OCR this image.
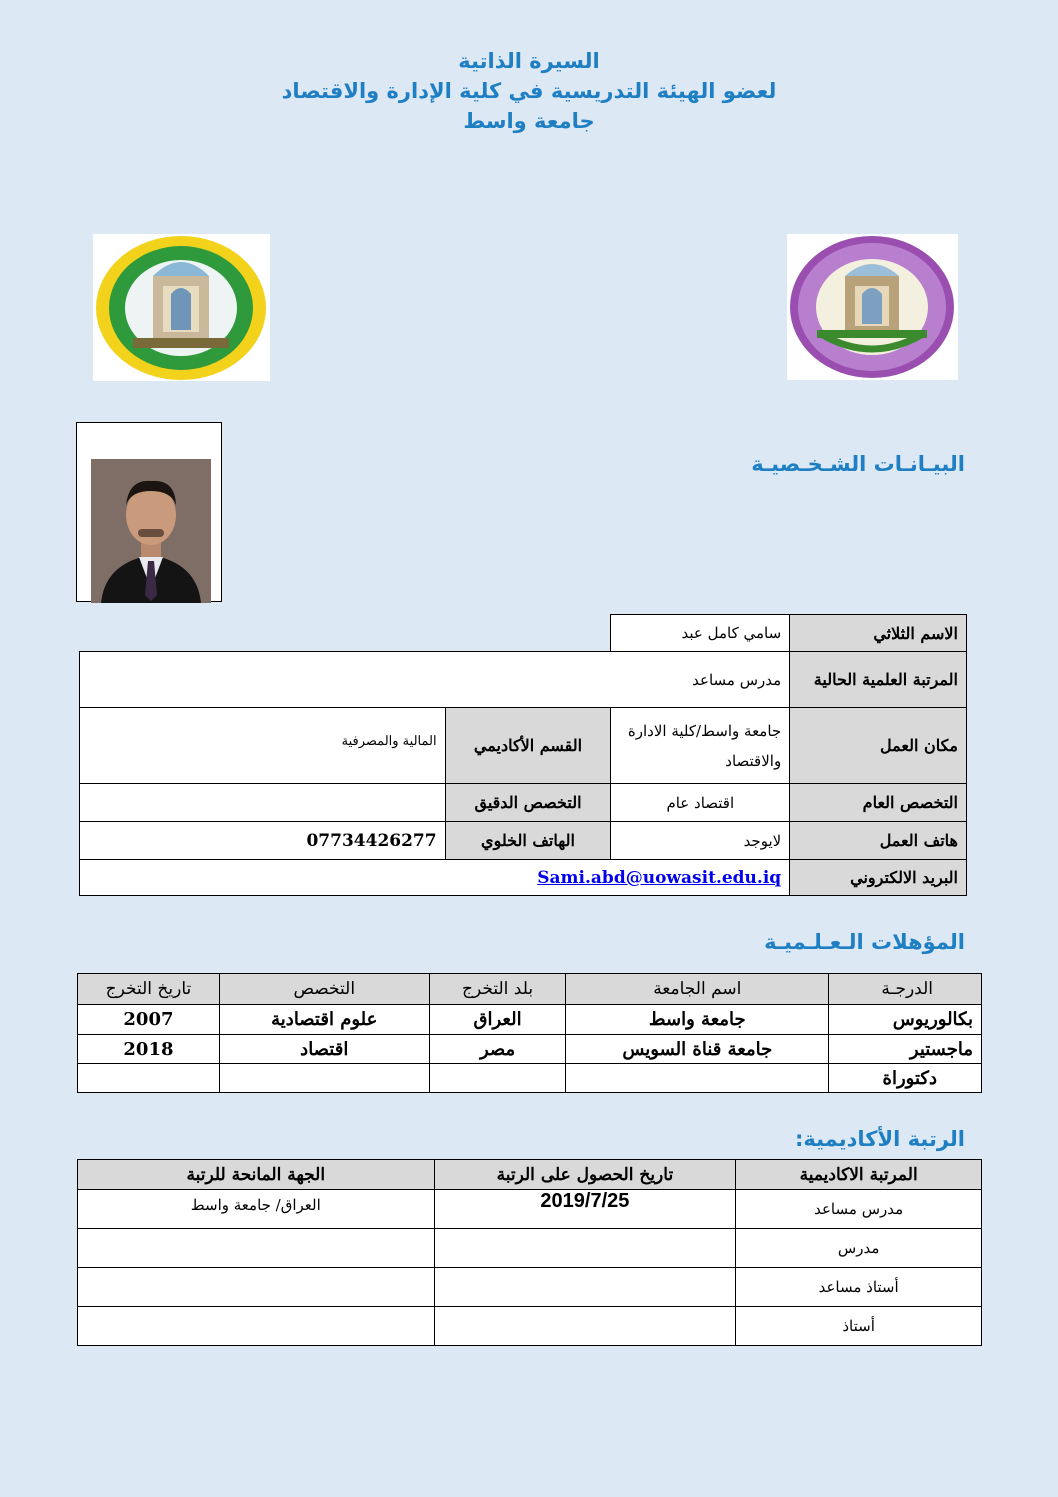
السيرة الذاتية
لعضو الهيئة التدريسية في كلية الإدارة والاقتصاد
جامعة واسط
البيـانـات الشـخـصيـة
الاسم الثلاثي	سامي كامل عبد		
المرتبة العلمية الحالية	مدرس مساعد		
مكان العمل	جامعة واسط/كلية الادارة والاقتصاد	القسم الأكاديمي	المالية والمصرفية
التخصص العام	اقتصاد عام	التخصص الدقيق	
هاتف العمل	لايوجد	الهاتف الخلوي	07734426277
البريد الالكتروني	Sami.abd@uowasit.edu.iq		
المؤهلات الـعـلـميـة
الدرجـة	اسم الجامعة	بلد التخرج	التخصص	تاريخ التخرج
بكالوريوس	جامعة واسط	العراق	علوم اقتصادية	2007
ماجستير	جامعة قناة السويس	مصر	اقتصاد	2018
دكتوراة				
الرتبة الأكاديمية:
المرتبة الاكاديمية	تاريخ الحصول على الرتبة	الجهة المانحة للرتبة
مدرس مساعد	2019/7/25	العراق/ جامعة واسط
مدرس		
أستاذ مساعد		
أستاذ		
